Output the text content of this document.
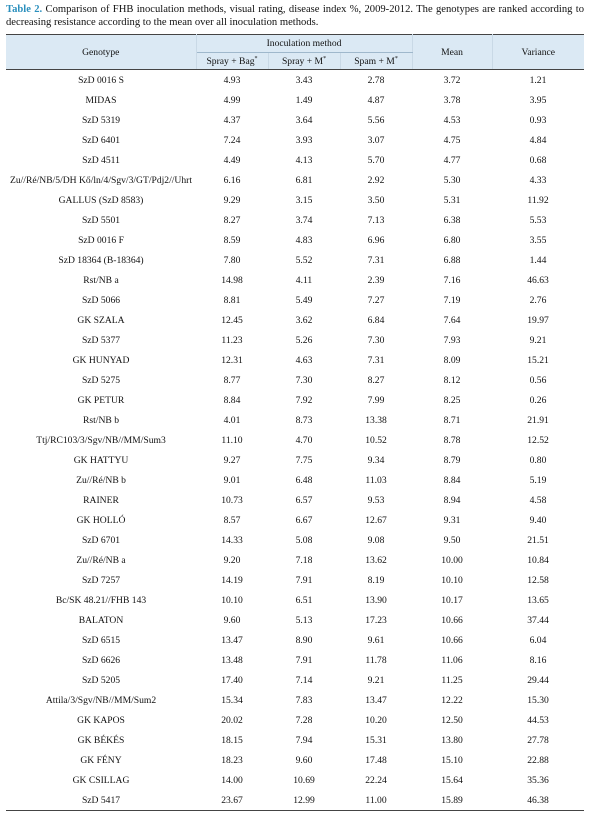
Table 2. Comparison of FHB inoculation methods, visual rating, disease index %, 2009-2012. The genotypes are ranked according to decreasing resistance according to the mean over all inoculation methods.
Genotype	Inoculation method			Mean	Variance
	Spray + Bag*	Spray + M*	Spam + M*
SzD 0016 S	4.93	3.43	2.78	3.72	1.21
MIDAS	4.99	1.49	4.87	3.78	3.95
SzD 5319	4.37	3.64	5.56	4.53	0.93
SzD 6401	7.24	3.93	3.07	4.75	4.84
SzD 4511	4.49	4.13	5.70	4.77	0.68
Zu//Ré/NB/5/DH Kő/ln/4/Sgv/3/GT/Pdj2//Uhrt	6.16	6.81	2.92	5.30	4.33
GALLUS (SzD 8583)	9.29	3.15	3.50	5.31	11.92
SzD 5501	8.27	3.74	7.13	6.38	5.53
SzD 0016 F	8.59	4.83	6.96	6.80	3.55
SzD 18364 (B-18364)	7.80	5.52	7.31	6.88	1.44
Rst/NB a	14.98	4.11	2.39	7.16	46.63
SzD 5066	8.81	5.49	7.27	7.19	2.76
GK SZALA	12.45	3.62	6.84	7.64	19.97
SzD 5377	11.23	5.26	7.30	7.93	9.21
GK HUNYAD	12.31	4.63	7.31	8.09	15.21
SzD 5275	8.77	7.30	8.27	8.12	0.56
GK PETUR	8.84	7.92	7.99	8.25	0.26
Rst/NB b	4.01	8.73	13.38	8.71	21.91
Ttj/RC103/3/Sgv/NB//MM/Sum3	11.10	4.70	10.52	8.78	12.52
GK HATTYU	9.27	7.75	9.34	8.79	0.80
Zu//Ré/NB b	9.01	6.48	11.03	8.84	5.19
RAINER	10.73	6.57	9.53	8.94	4.58
GK HOLLÓ	8.57	6.67	12.67	9.31	9.40
SzD 6701	14.33	5.08	9.08	9.50	21.51
Zu//Ré/NB a	9.20	7.18	13.62	10.00	10.84
SzD 7257	14.19	7.91	8.19	10.10	12.58
Bc/SK 48.21//FHB 143	10.10	6.51	13.90	10.17	13.65
BALATON	9.60	5.13	17.23	10.66	37.44
SzD 6515	13.47	8.90	9.61	10.66	6.04
SzD 6626	13.48	7.91	11.78	11.06	8.16
SzD 5205	17.40	7.14	9.21	11.25	29.44
Attila/3/Sgv/NB//MM/Sum2	15.34	7.83	13.47	12.22	15.30
GK KAPOS	20.02	7.28	10.20	12.50	44.53
GK BÉKÉS	18.15	7.94	15.31	13.80	27.78
GK FÉNY	18.23	9.60	17.48	15.10	22.88
GK CSILLAG	14.00	10.69	22.24	15.64	35.36
SzD 5417	23.67	12.99	11.00	15.89	46.38
